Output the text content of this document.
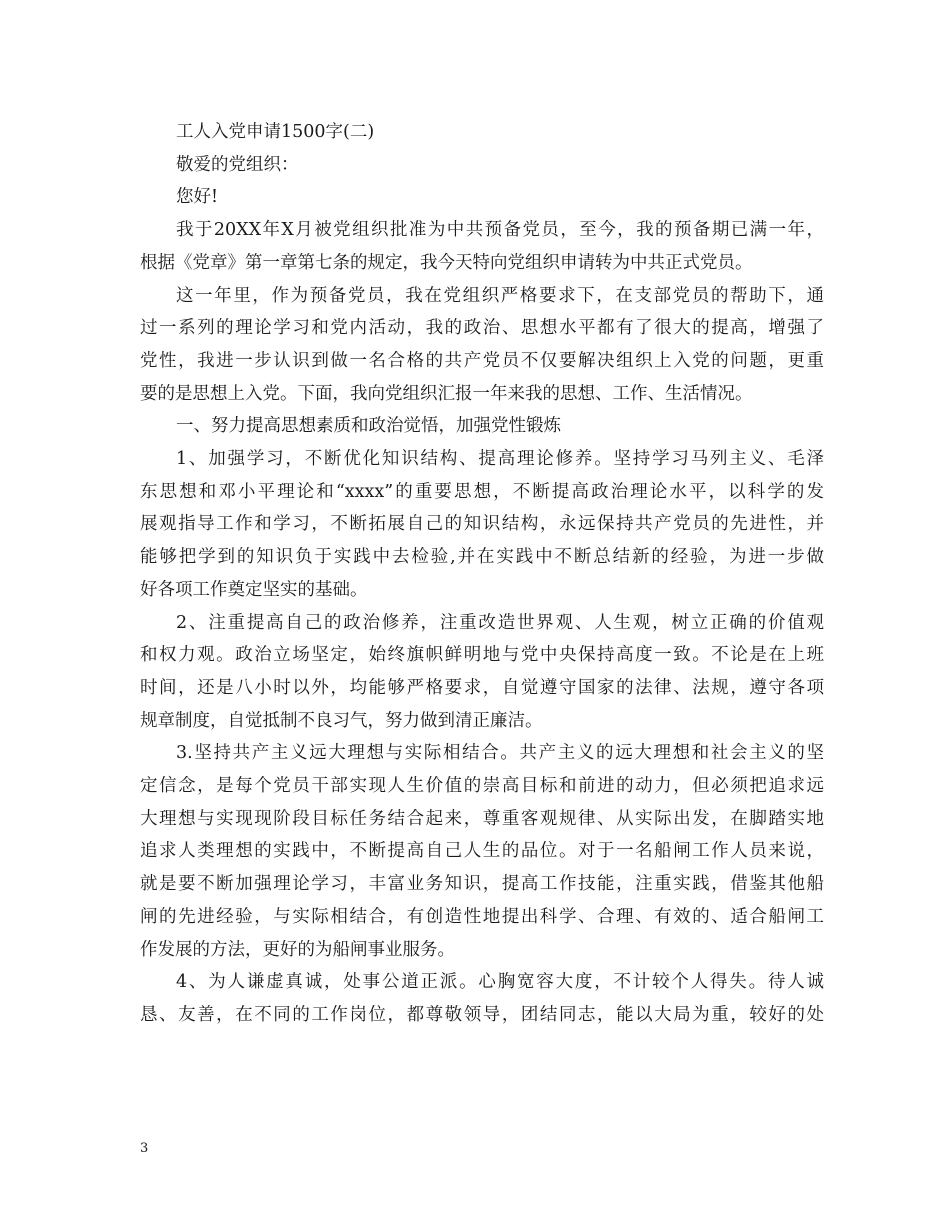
工人入党申请1500字(二)

敬爱的党组织：

您好!

我于20XX年X月被党组织批准为中共预备党员，至今，我的预备期已满一年，

根据《党章》第一章第七条的规定，我今天特向党组织申请转为中共正式党员。

这一年里，作为预备党员，我在党组织严格要求下，在支部党员的帮助下，通

过一系列的理论学习和党内活动，我的政治、思想水平都有了很大的提高，增强了

党性，我进一步认识到做一名合格的共产党员不仅要解决组织上入党的问题，更重

要的是思想上入党。下面，我向党组织汇报一年来我的思想、工作、生活情况。

一、努力提高思想素质和政治觉悟，加强党性锻炼

1、加强学习，不断优化知识结构、提高理论修养。坚持学习马列主义、毛泽

东思想和邓小平理论和“xxxx”的重要思想，不断提高政治理论水平，以科学的发

展观指导工作和学习，不断拓展自己的知识结构，永远保持共产党员的先进性，并

能够把学到的知识负于实践中去检验,并在实践中不断总结新的经验，为进一步做

好各项工作奠定坚实的基础。

2、注重提高自己的政治修养，注重改造世界观、人生观，树立正确的价值观

和权力观。政治立场坚定，始终旗帜鲜明地与党中央保持高度一致。不论是在上班

时间，还是八小时以外，均能够严格要求，自觉遵守国家的法律、法规，遵守各项

规章制度，自觉抵制不良习气，努力做到清正廉洁。

3.坚持共产主义远大理想与实际相结合。共产主义的远大理想和社会主义的坚

定信念，是每个党员干部实现人生价值的崇高目标和前进的动力，但必须把追求远

大理想与实现现阶段目标任务结合起来，尊重客观规律、从实际出发，在脚踏实地

追求人类理想的实践中，不断提高自己人生的品位。对于一名船闸工作人员来说，

就是要不断加强理论学习，丰富业务知识，提高工作技能，注重实践，借鉴其他船

闸的先进经验，与实际相结合，有创造性地提出科学、合理、有效的、适合船闸工

作发展的方法，更好的为船闸事业服务。

4、为人谦虚真诚，处事公道正派。心胸宽容大度，不计较个人得失。待人诚

恳、友善，在不同的工作岗位，都尊敬领导，团结同志，能以大局为重，较好的处

3
